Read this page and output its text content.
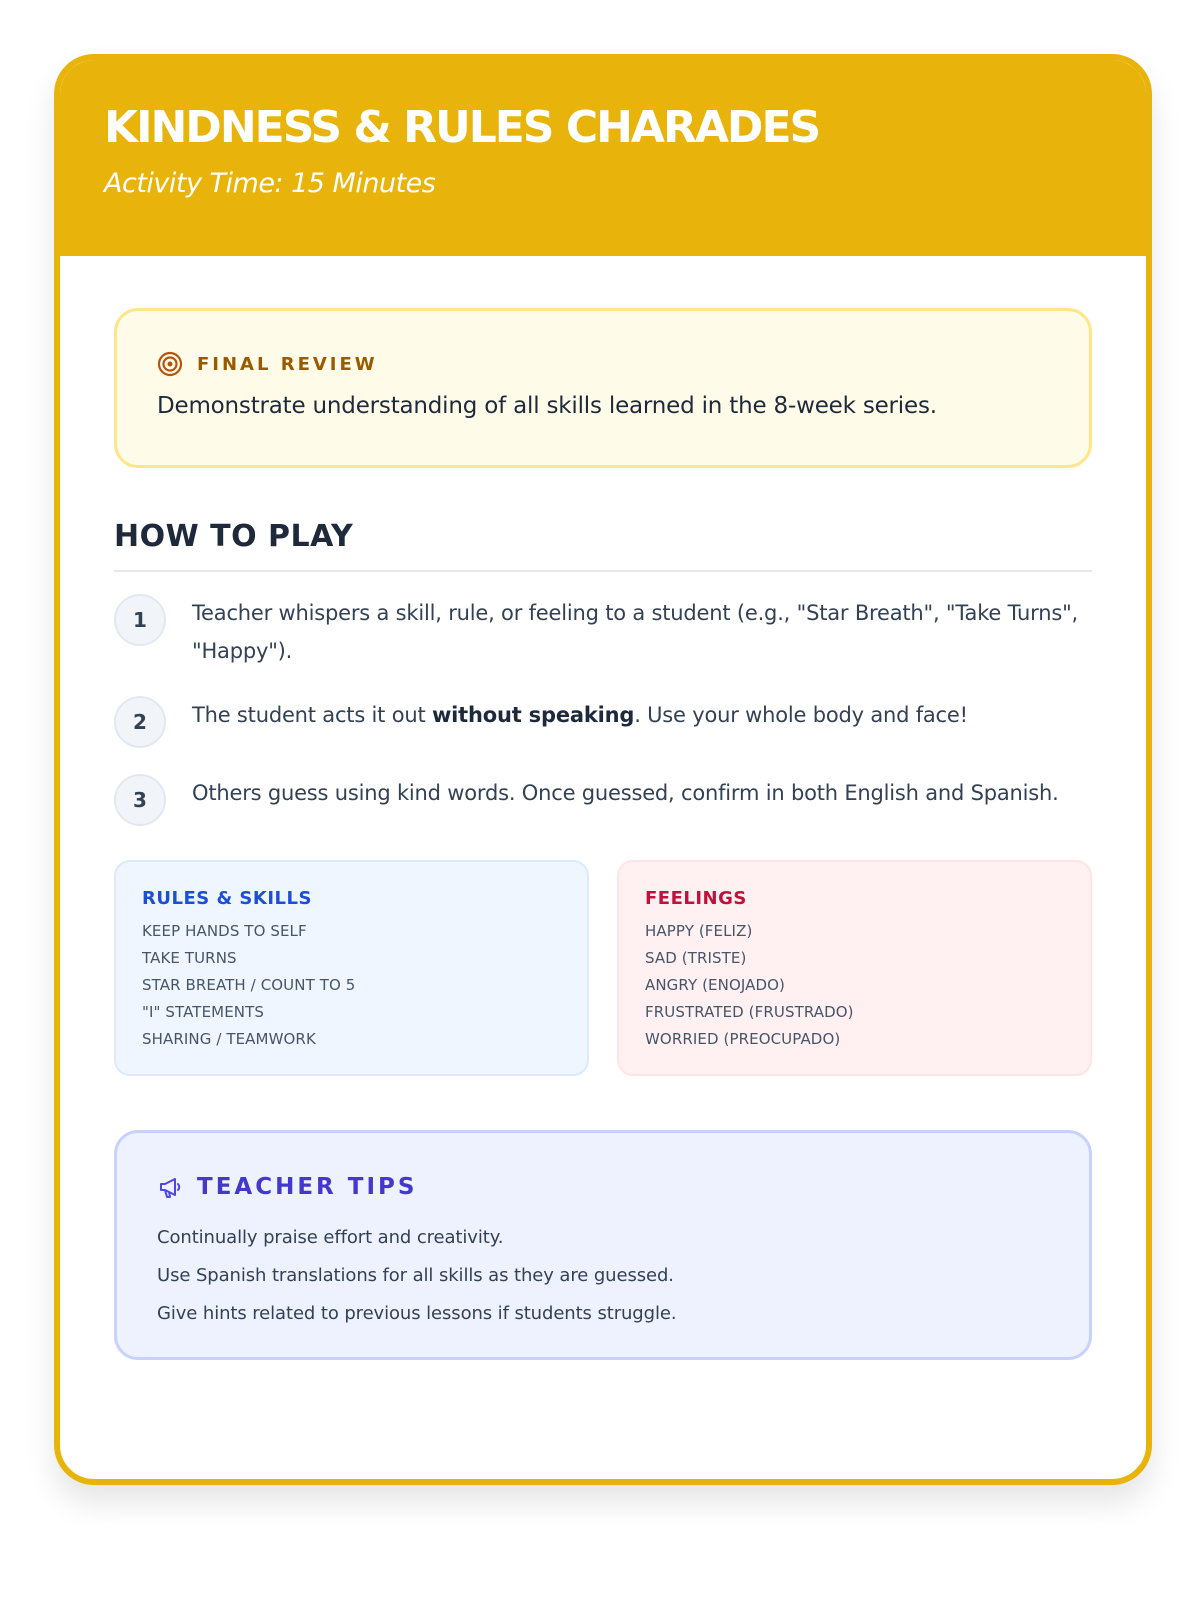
KINDNESS & RULES CHARADES
Activity Time: 15 Minutes
FINAL REVIEW
Demonstrate understanding of all skills learned in the 8-week series.
HOW TO PLAY
1	Teacher whispers a skill, rule, or feeling to a student (e.g., "Star Breath", "Take Turns", "Happy").
2	The student acts it out without speaking. Use your whole body and face!
3	Others guess using kind words. Once guessed, confirm in both English and Spanish.
RULES & SKILLS
KEEP HANDS TO SELF
TAKE TURNS
STAR BREATH / COUNT TO 5
"I" STATEMENTS
SHARING / TEAMWORK
FEELINGS
HAPPY (FELIZ)
SAD (TRISTE)
ANGRY (ENOJADO)
FRUSTRATED (FRUSTRADO)
WORRIED (PREOCUPADO)
TEACHER TIPS
Continually praise effort and creativity.
Use Spanish translations for all skills as they are guessed.
Give hints related to previous lessons if students struggle.
